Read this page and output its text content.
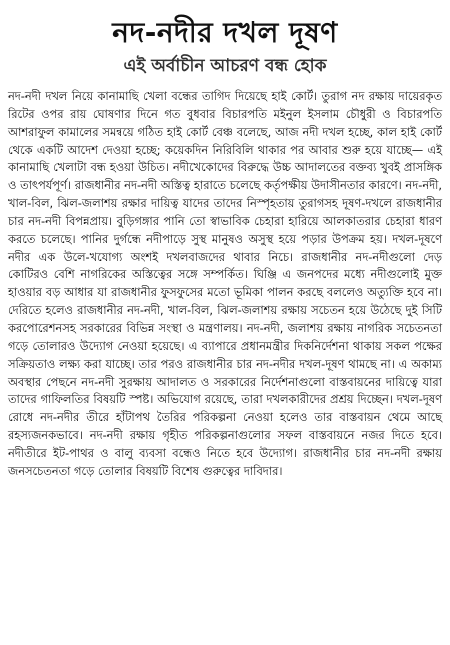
নদ-নদীর দখল দূষণ
এই অর্বাচীন আচরণ বন্ধ হোক

নদ-নদী দখল নিয়ে কানামাছি খেলা বন্ধের তাগিদ দিয়েছে হাই কোর্ট। তুরাগ নদ রক্ষায় দায়েরকৃত রিটের ওপর রায় ঘোষণার দিনে গত বুধবার বিচারপতি মইনুল ইসলাম চৌধুরী ও বিচারপতি আশরাফুল কামালের সমন্বয়ে গঠিত হাই কোর্ট বেঞ্চ বলেছে, আজ নদী দখল হচ্ছে, কাল হাই কোর্ট থেকে একটি আদেশ দেওয়া হচ্ছে; কয়েকদিন নিরিবিলি থাকার পর আবার শুরু হয়ে যাচ্ছে— এই কানামাছি খেলাটা বন্ধ হওয়া উচিত। নদীখেকোদের বিরুদ্ধে উচ্চ আদালতের বক্তব্য খুবই প্রাসঙ্গিক ও তাৎপর্যপূর্ণ। রাজধানীর নদ-নদী অস্তিত্ব হারাতে চলেছে কর্তৃপক্ষীয় উদাসীনতার কারণে। নদ-নদী, খাল-বিল, ঝিল-জলাশয় রক্ষার দায়িত্ব যাদের তাদের নিস্পৃহতায় তুরাগসহ দূষণ-দখলে রাজধানীর চার নদ-নদী বিপন্নপ্রায়। বুড়িগঙ্গার পানি তো স্বাভাবিক চেহারা হারিয়ে আলকাতরার চেহারা ধারণ করতে চলেছে। পানির দুর্গন্ধে নদীপাড়ে সুস্থ মানুষও অসুস্থ হয়ে পড়ার উপক্রম হয়। দখল-দূষণে নদীর এক উলে-খযোগ্য অংশই দখলবাজদের থাবার নিচে। রাজধানীর নদ-নদীগুলো দেড় কোটিরও বেশি নাগরিকের অস্তিত্বের সঙ্গে সম্পর্কিত। ঘিঞ্জি এ জনপদের মধ্যে নদীগুলোই মুক্ত হাওয়ার বড় আধার যা রাজধানীর ফুসফুসের মতো ভূমিকা পালন করছে বললেও অত্যুক্তি হবে না। দেরিতে হলেও রাজধানীর নদ-নদী, খাল-বিল, ঝিল-জলাশয় রক্ষায় সচেতন হয়ে উঠেছে দুই সিটি করপোরেশনসহ সরকারের বিভিন্ন সংস্থা ও মন্ত্রণালয়। নদ-নদী, জলাশয় রক্ষায় নাগরিক সচেতনতা গড়ে তোলারও উদ্যোগ নেওয়া হয়েছে। এ ব্যাপারে প্রধানমন্ত্রীর দিকনির্দেশনা থাকায় সকল পক্ষের সক্রিয়তাও লক্ষ্য করা যাচ্ছে। তার পরও রাজধানীর চার নদ-নদীর দখল-দূষণ থামছে না। এ অকাম্য অবস্থার পেছনে নদ-নদী সুরক্ষায় আদালত ও সরকারের নির্দেশনাগুলো বাস্তবায়নের দায়িত্বে যারা তাদের গাফিলতির বিষয়টি স্পষ্ট। অভিযোগ রয়েছে, তারা দখলকারীদের প্রশ্রয় দিচ্ছেন। দখল-দূষণ রোধে নদ-নদীর তীরে হাঁটাপথ তৈরির পরিকল্পনা নেওয়া হলেও তার বাস্তবায়ন থেমে আছে রহস্যজনকভাবে। নদ-নদী রক্ষায় গৃহীত পরিকল্পনাগুলোর সফল বাস্তবায়নে নজর দিতে হবে। নদীতীরে ইট-পাথর ও বালু ব্যবসা বন্ধেও নিতে হবে উদ্যোগ। রাজধানীর চার নদ-নদী রক্ষায় জনসচেতনতা গড়ে তোলার বিষয়টি বিশেষ গুরুত্বের দাবিদার।
